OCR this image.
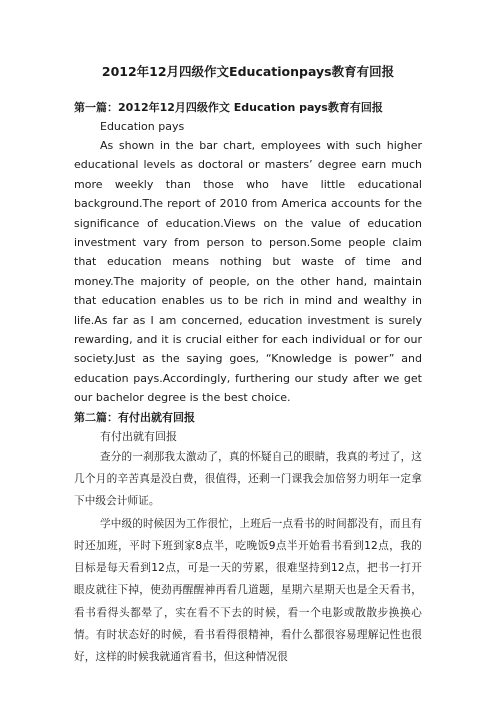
2012年12月四级作文Educationpays教育有回报
第一篇：2012年12月四级作文 Education pays教育有回报
Education pays

As shown in the bar chart, employees with such higher educational levels as doctoral or masters’ degree earn much more weekly than those who have little educational background.The report of 2010 from America accounts for the significance of education.Views on the value of education investment vary from person to person.Some people claim that education means nothing but waste of time and money.The majority of people, on the other hand, maintain that education enables us to be rich in mind and wealthy in life.As far as I am concerned, education investment is surely rewarding, and it is crucial either for each individual or for our society.Just as the saying goes, “Knowledge is power” and education pays.Accordingly, furthering our study after we get our bachelor degree is the best choice.

第二篇：有付出就有回报
有付出就有回报

查分的一刹那我太激动了，真的怀疑自己的眼睛，我真的考过了，这几个月的辛苦真是没白费，很值得，还剩一门课我会加倍努力明年一定拿下中级会计师证。

学中级的时候因为工作很忙，上班后一点看书的时间都没有，而且有时还加班，平时下班到家8点半，吃晚饭9点半开始看书看到12点，我的目标是每天看到12点，可是一天的劳累，很难坚持到12点，把书一打开眼皮就往下掉，使劲再醒醒神再看几道题，星期六星期天也是全天看书，看书看得头都晕了，实在看不下去的时候，看一个电影或散散步换换心情。有时状态好的时候，看书看得很精神，看什么都很容易理解记性也很好，这样的时候我就通宵看书，但这种情况很
